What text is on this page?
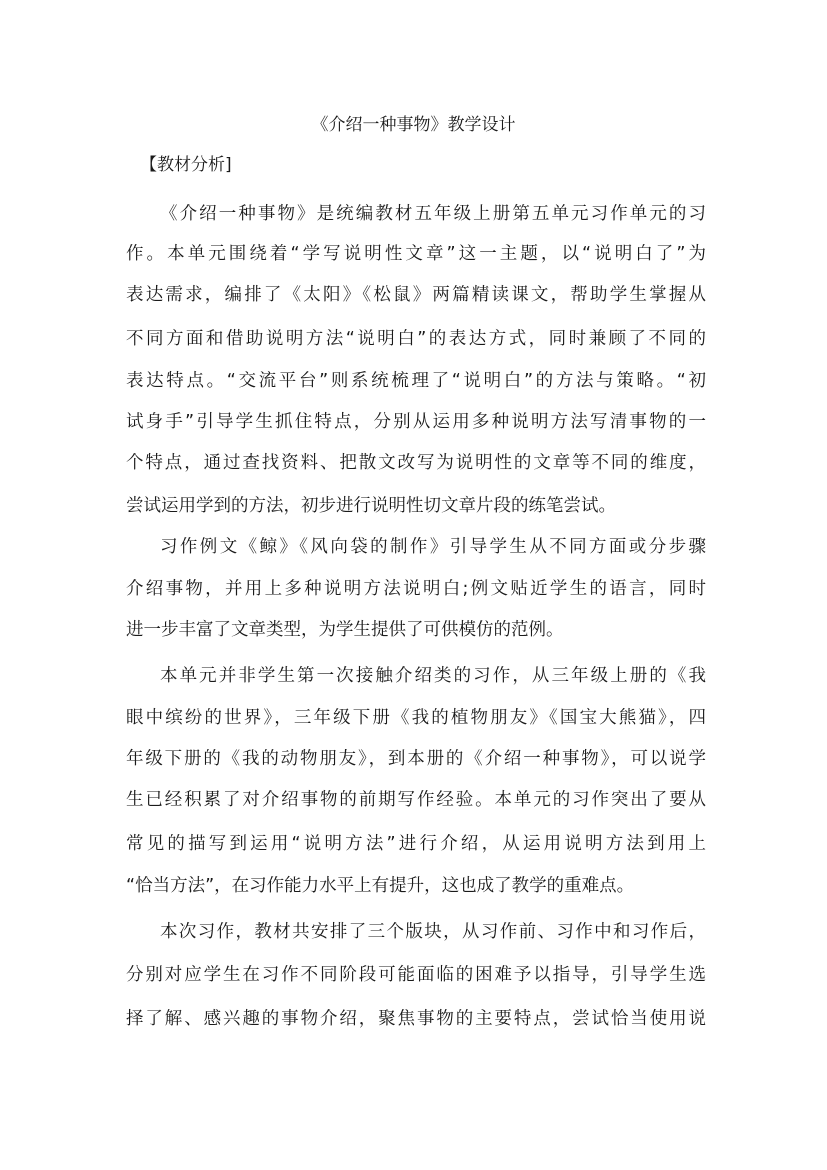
《介绍一种事物》教学设计
【教材分析]
《介绍一种事物》是统编教材五年级上册第五单元习作单元的习
作。本单元围绕着“学写说明性文章”这一主题，以“说明白了”为
表达需求，编排了《太阳》《松鼠》两篇精读课文，帮助学生掌握从
不同方面和借助说明方法“说明白”的表达方式，同时兼顾了不同的
表达特点。“交流平台”则系统梳理了“说明白”的方法与策略。“初
试身手”引导学生抓住特点，分别从运用多种说明方法写清事物的一
个特点，通过查找资料、把散文改写为说明性的文章等不同的维度，
尝试运用学到的方法，初步进行说明性切文章片段的练笔尝试。
习作例文《鲸》《风向袋的制作》引导学生从不同方面或分步骤
介绍事物，并用上多种说明方法说明白;例文贴近学生的语言，同时
进一步丰富了文章类型，为学生提供了可供模仿的范例。
本单元并非学生第一次接触介绍类的习作，从三年级上册的《我
眼中缤纷的世界》，三年级下册《我的植物朋友》《国宝大熊猫》，四
年级下册的《我的动物朋友》，到本册的《介绍一种事物》，可以说学
生已经积累了对介绍事物的前期写作经验。本单元的习作突出了要从
常见的描写到运用“说明方法”进行介绍，从运用说明方法到用上
“恰当方法”，在习作能力水平上有提升，这也成了教学的重难点。
本次习作，教材共安排了三个版块，从习作前、习作中和习作后，
分别对应学生在习作不同阶段可能面临的困难予以指导，引导学生选
择了解、感兴趣的事物介绍，聚焦事物的主要特点，尝试恰当使用说
